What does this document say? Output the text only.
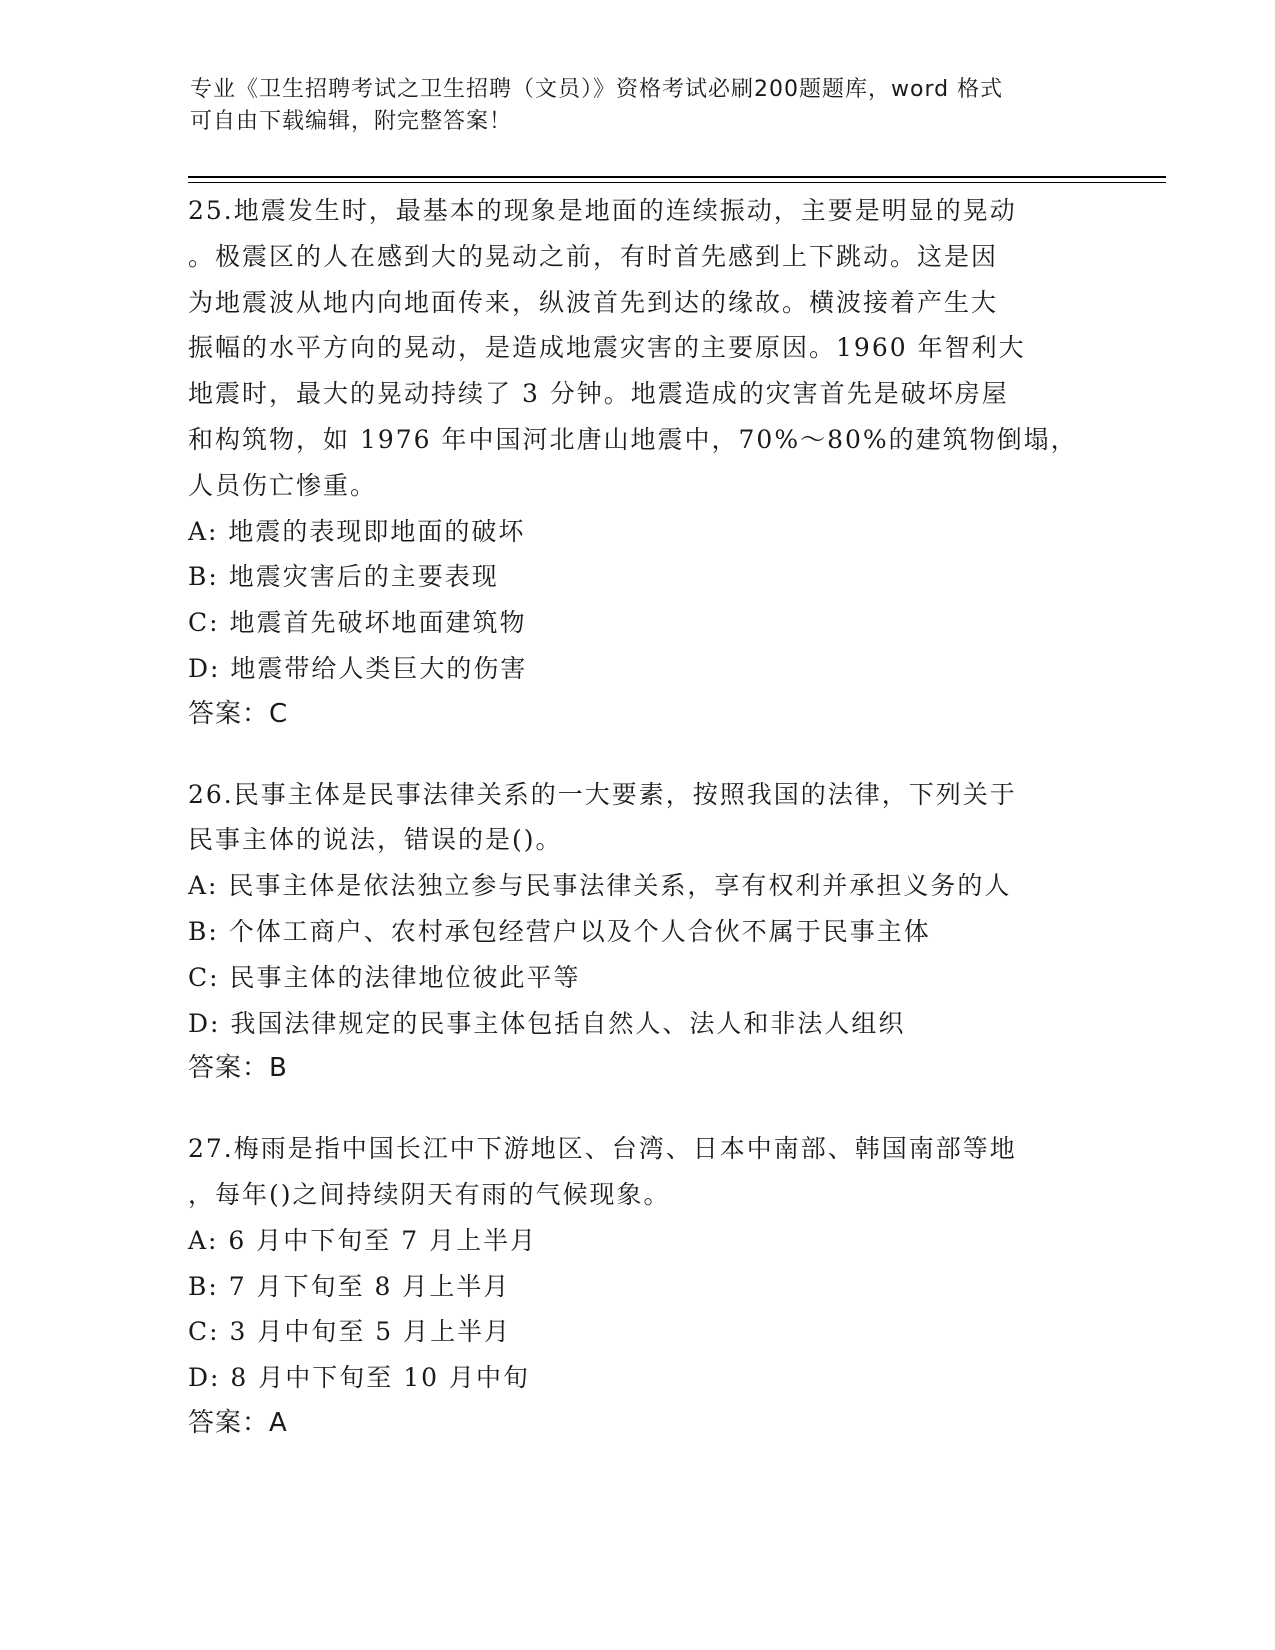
专业《卫生招聘考试之卫生招聘（文员）》资格考试必刷200题题库，word 格式
可自由下载编辑，附完整答案！

25.地震发生时，最基本的现象是地面的连续振动，主要是明显的晃动
。极震区的人在感到大的晃动之前，有时首先感到上下跳动。这是因
为地震波从地内向地面传来，纵波首先到达的缘故。横波接着产生大
振幅的水平方向的晃动，是造成地震灾害的主要原因。1960 年智利大
地震时，最大的晃动持续了 3 分钟。地震造成的灾害首先是破坏房屋
和构筑物，如 1976 年中国河北唐山地震中，70%～80%的建筑物倒塌，
人员伤亡惨重。

A: 地震的表现即地面的破坏

B: 地震灾害后的主要表现

C: 地震首先破坏地面建筑物

D: 地震带给人类巨大的伤害

答案：C

26.民事主体是民事法律关系的一大要素，按照我国的法律，下列关于
民事主体的说法，错误的是()。

A: 民事主体是依法独立参与民事法律关系，享有权利并承担义务的人

B: 个体工商户、农村承包经营户以及个人合伙不属于民事主体

C: 民事主体的法律地位彼此平等

D: 我国法律规定的民事主体包括自然人、法人和非法人组织

答案：B

27.梅雨是指中国长江中下游地区、台湾、日本中南部、韩国南部等地
，每年()之间持续阴天有雨的气候现象。

A: 6 月中下旬至 7 月上半月

B: 7 月下旬至 8 月上半月

C: 3 月中旬至 5 月上半月

D: 8 月中下旬至 10 月中旬

答案：A
